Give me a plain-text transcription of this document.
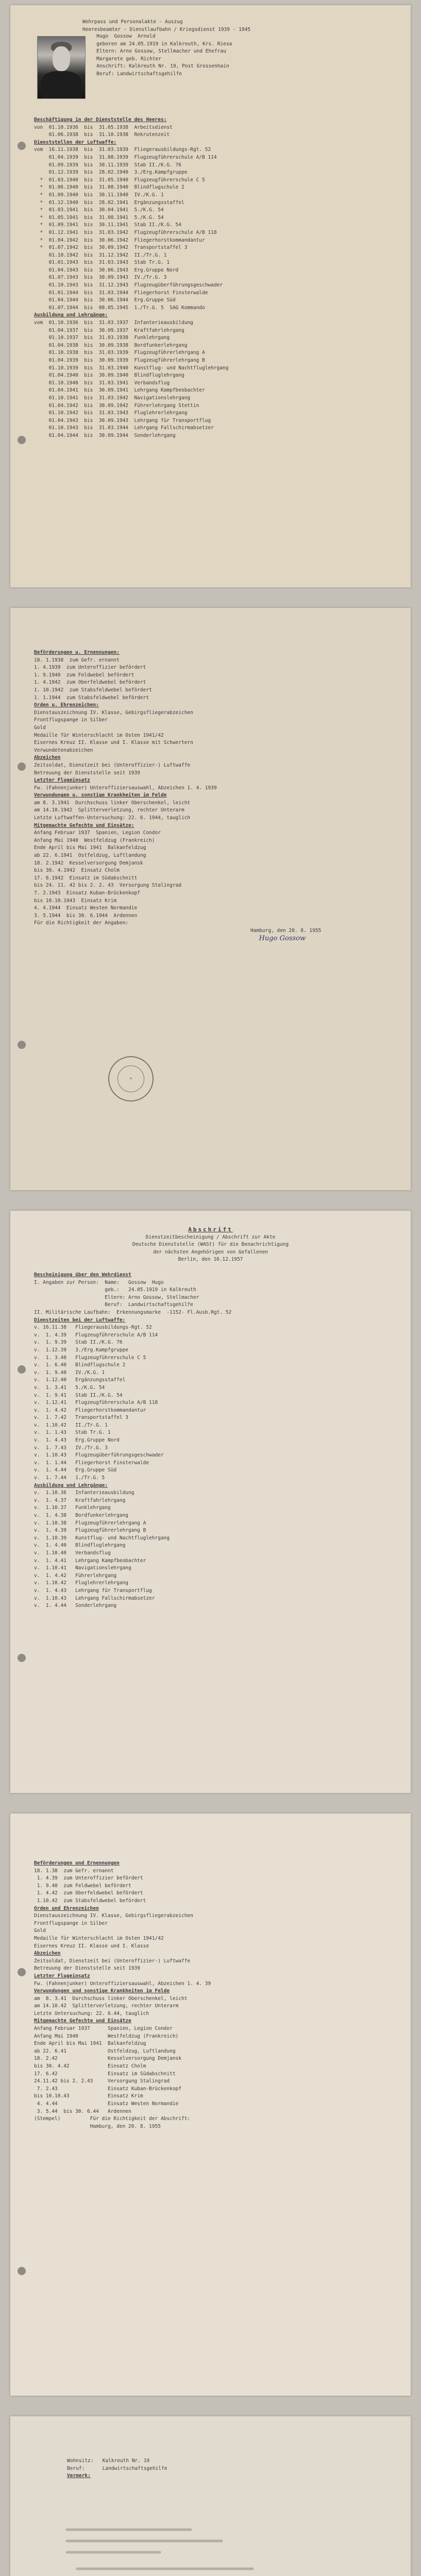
Wehrpass und Personalakte - Auszug
Heeresbeamter - Dienstlaufbahn / Kriegsdienst 1939 - 1945
Hugo  Gossow  Arnold
geboren am 24.05.1919 in Kalkreuth, Krs. Riesa
Eltern: Arno Gossow, Stellmacher und Ehefrau
Margarete geb. Richter
Anschrift: Kalkreuth Nr. 19, Post Grossenhain
Beruf: Landwirtschaftsgehilfe
Beschäftigung in der Dienststelle des Heeres:
von  01.10.1936  bis  31.05.1938  Arbeitsdienst
01.06.1938  bis  31.10.1938  Rekrutenzeit
Dienststellen der Luftwaffe:
vom  16.11.1938  bis  31.03.1939  Fliegerausbildungs-Rgt. 52
01.04.1939  bis  31.08.1939  Flugzeugführerschule A/B 114
01.09.1939  bis  30.11.1939  Stab II./K.G. 76
01.12.1939  bis  28.02.1940  3./Erg.Kampfgruppe
*  01.03.1940  bis  31.05.1940  Flugzeugführerschule C 5
*  01.06.1940  bis  31.08.1940  Blindflugschule 2
*  01.09.1940  bis  30.11.1940  IV./K.G. 1
*  01.12.1940  bis  28.02.1941  Ergänzungsstaffel
*  01.03.1941  bis  30.04.1941  5./K.G. 54
*  01.05.1941  bis  31.08.1941  5./K.G. 54
*  01.09.1941  bis  30.11.1941  Stab II./K.G. 54
*  01.12.1941  bis  31.03.1942  Flugzeugführerschule A/B 118
*  01.04.1942  bis  30.06.1942  Fliegerhorstkommandantur
*  01.07.1942  bis  30.09.1942  Transportstaffel 3
01.10.1942  bis  31.12.1942  II./Tr.G. 1
01.01.1943  bis  31.03.1943  Stab Tr.G. 1
01.04.1943  bis  30.06.1943  Erg.Gruppe Nord
01.07.1943  bis  30.09.1943  IV./Tr.G. 3
01.10.1943  bis  31.12.1943  Flugzeugüberführungsgeschwader
01.01.1944  bis  31.03.1944  Fliegerhorst Finsterwalde
01.04.1944  bis  30.06.1944  Erg.Gruppe Süd
01.07.1944  bis  08.05.1945  1./Tr.G. 5  SAG Kommando
Ausbildung und Lehrgänge:
vom  01.10.1936  bis  31.03.1937  Infanterieausbildung
01.04.1937  bis  30.09.1937  Kraftfahrlehrgang
01.10.1937  bis  31.03.1938  Funklehrgang
01.04.1938  bis  30.09.1938  Bordfunkerlehrgang
01.10.1938  bis  31.03.1939  Flugzeugführerlehrgang A
01.04.1939  bis  30.09.1939  Flugzeugführerlehrgang B
01.10.1939  bis  31.03.1940  Kunstflug- und Nachtfluglehrgang
01.04.1940  bis  30.09.1940  Blindfluglehrgang
01.10.1940  bis  31.03.1941  Verbandsflug
01.04.1941  bis  30.09.1941  Lehrgang Kampfbeobachter
01.10.1941  bis  31.03.1942  Navigationslehrgang
01.04.1942  bis  30.09.1942  Führerlehrgang Stettin
01.10.1942  bis  31.03.1943  Fluglehrerlehrgang
01.04.1943  bis  30.09.1943  Lehrgang für Transportflug
01.10.1943  bis  31.03.1944  Lehrgang Fallschirmabsetzer
01.04.1944  bis  30.09.1944  Sonderlehrgang
Beförderungen u. Ernennungen:
18. 1.1938  zum Gefr. ernannt
1. 4.1939  zum Unteroffizier befördert
1. 9.1940  zum Feldwebel befördert
1. 4.1942  zum Oberfeldwebel befördert
1. 10.1942  zum Stabsfeldwebel befördert
1. 1.1944  zum Stabsfeldwebel befördert
Orden u. Ehrenzeichen:
Dienstauszeichnung IV. Klasse, Gebirgsfliegerabzeichen
Frontflugspange in Silber
Gold
Medaille für Winterschlacht im Osten 1941/42
Eisernes Kreuz II. Klasse und I. Klasse mit Schwertern
Verwundetenabzeichen
Abzeichen
Zeitsoldat, Dienstzeit bei (Unteroffizier-) Luftwaffe
Betreuung der Dienststelle seit 1939
Letzter Flugeinsatz
Fw. (Fahnenjunker) Unteroffiziersauswahl, Abzeichen 1. 4. 1939
Verwundungen u. sonstige Krankheiten im Felde
am 8. 3.1941  Durchschuss linker Oberschenkel, leicht
am 14.10.1942  Splitterverletzung, rechter Unterarm
Letzte Luftwaffen-Untersuchung: 22. 6. 1944, tauglich
Mitgemachte Gefechte und Einsätze:
Anfang Februar 1937  Spanien, Legion Condor
Anfang Mai 1940  Westfeldzug (Frankreich)
Ende April bis Mai 1941  Balkanfeldzug
ab 22. 6.1941  Ostfeldzug, Luftlandung
18. 2.1942  Kesselversorgung Demjansk
bis 30. 4.1942  Einsatz Cholm
17. 6.1942  Einsatz im Südabschnitt
bis 24. 11. 42 bis 2. 2. 43  Versorgung Stalingrad
7. 2.1943  Einsatz Kuban-Brückenkopf
bis 10.10.1943  Einsatz Krim
4. 4.1944  Einsatz Westen Normandie
3. 5.1944  bis 30. 6.1944  Ardennen
Für die Richtigkeit der Angaben:
Hamburg, den 20. 8. 1955
Hugo Gossow
✠
Abschrift
Dienstzeitbescheinigung / Abschrift zur Akte
Deutsche Dienststelle (WASt) für die Benachrichtigung
der nächsten Angehörigen von Gefallenen
Berlin, den 10.12.1957
Bescheinigung über den Wehrdienst
I. Angaben zur Person:  Name:   Gossow  Hugo
geb.:   24.05.1919 in Kalkreuth
Eltern: Arno Gossow, Stellmacher
Beruf:  Landwirtschaftsgehilfe
II. Militärische Laufbahn:  Erkennungsmarke  -1152- Fl.Ausb.Rgt. 52
Dienstzeiten bei der Luftwaffe:
v. 16.11.38   Fliegerausbildungs-Rgt. 52
v.  1. 4.39   Flugzeugführerschule A/B 114
v.  1. 9.39   Stab II./K.G. 76
v.  1.12.39   3./Erg.Kampfgruppe
v.  1. 3.40   Flugzeugführerschule C 5
v.  1. 6.40   Blindflugschule 2
v.  1. 9.40   IV./K.G. 1
v.  1.12.40   Ergänzungsstaffel
v.  1. 3.41   5./K.G. 54
v.  1. 9.41   Stab II./K.G. 54
v.  1.12.41   Flugzeugführerschule A/B 118
v.  1. 4.42   Fliegerhorstkommandantur
v.  1. 7.42   Transportstaffel 3
v.  1.10.42   II./Tr.G. 1
v.  1. 1.43   Stab Tr.G. 1
v.  1. 4.43   Erg.Gruppe Nord
v.  1. 7.43   IV./Tr.G. 3
v.  1.10.43   Flugzeugüberführungsgeschwader
v.  1. 1.44   Fliegerhorst Finsterwalde
v.  1. 4.44   Erg.Gruppe Süd
v.  1. 7.44   1./Tr.G. 5
Ausbildung und Lehrgänge:
v.  1.10.36   Infanterieausbildung
v.  1. 4.37   Kraftfahrlehrgang
v.  1.10.37   Funklehrgang
v.  1. 4.38   Bordfunkerlehrgang
v.  1.10.38   Flugzeugführerlehrgang A
v.  1. 4.39   Flugzeugführerlehrgang B
v.  1.10.39   Kunstflug- und Nachtfluglehrgang
v.  1. 4.40   Blindfluglehrgang
v.  1.10.40   Verbandsflug
v.  1. 4.41   Lehrgang Kampfbeobachter
v.  1.10.41   Navigationslehrgang
v.  1. 4.42   Führerlehrgang
v.  1.10.42   Fluglehrerlehrgang
v.  1. 4.43   Lehrgang für Transportflug
v.  1.10.43   Lehrgang Fallschirmabsetzer
v.  1. 4.44   Sonderlehrgang
Beförderungen und Ernennungen
18. 1.38  zum Gefr. ernannt
1. 4.39  zum Unteroffizier befördert
1. 9.40  zum Feldwebel befördert
1. 4.42  zum Oberfeldwebel befördert
1.10.42  zum Stabsfeldwebel befördert
Orden und Ehrenzeichen
Dienstauszeichnung IV. Klasse, Gebirgsfliegerabzeichen
Frontflugspange in Silber
Gold
Medaille für Winterschlacht im Osten 1941/42
Eisernes Kreuz II. Klasse und I. Klasse
Abzeichen
Zeitsoldat, Dienstzeit bei (Unteroffizier-) Luftwaffe
Betreuung der Dienststelle seit 1939
Letzter Flugeinsatz
Fw. (Fahnenjunker) Unteroffiziersauswahl, Abzeichen 1. 4. 39
Verwundungen und sonstige Krankheiten im Felde
am  8. 3.41  Durchschuss linker Oberschenkel, leicht
am 14.10.42  Splitterverletzung, rechter Unterarm
Letzte Untersuchung: 22. 6.44, tauglich
Mitgemachte Gefechte und Einsätze
Anfang Februar 1937      Spanien, Legion Condor
Anfang Mai 1940          Westfeldzug (Frankreich)
Ende April bis Mai 1941  Balkanfeldzug
ab 22. 6.41              Ostfeldzug, Luftlandung
18. 2.42                 Kesselversorgung Demjansk
bis 30. 4.42             Einsatz Cholm
17. 6.42                 Einsatz im Südabschnitt
24.11.42 bis 2. 2.43     Versorgung Stalingrad
7. 2.43                 Einsatz Kuban-Brückenkopf
bis 10.10.43             Einsatz Krim
4. 4.44                 Einsatz Westen Normandie
3. 5.44  bis 30. 6.44   Ardennen
(Stempel)          Für die Richtigkeit der Abschrift:
Hamburg, den 20. 8. 1955
Wohnsitz:   Kalkreuth Nr. 19
Beruf:      Landwirtschaftsgehilfe
Vermerk:
